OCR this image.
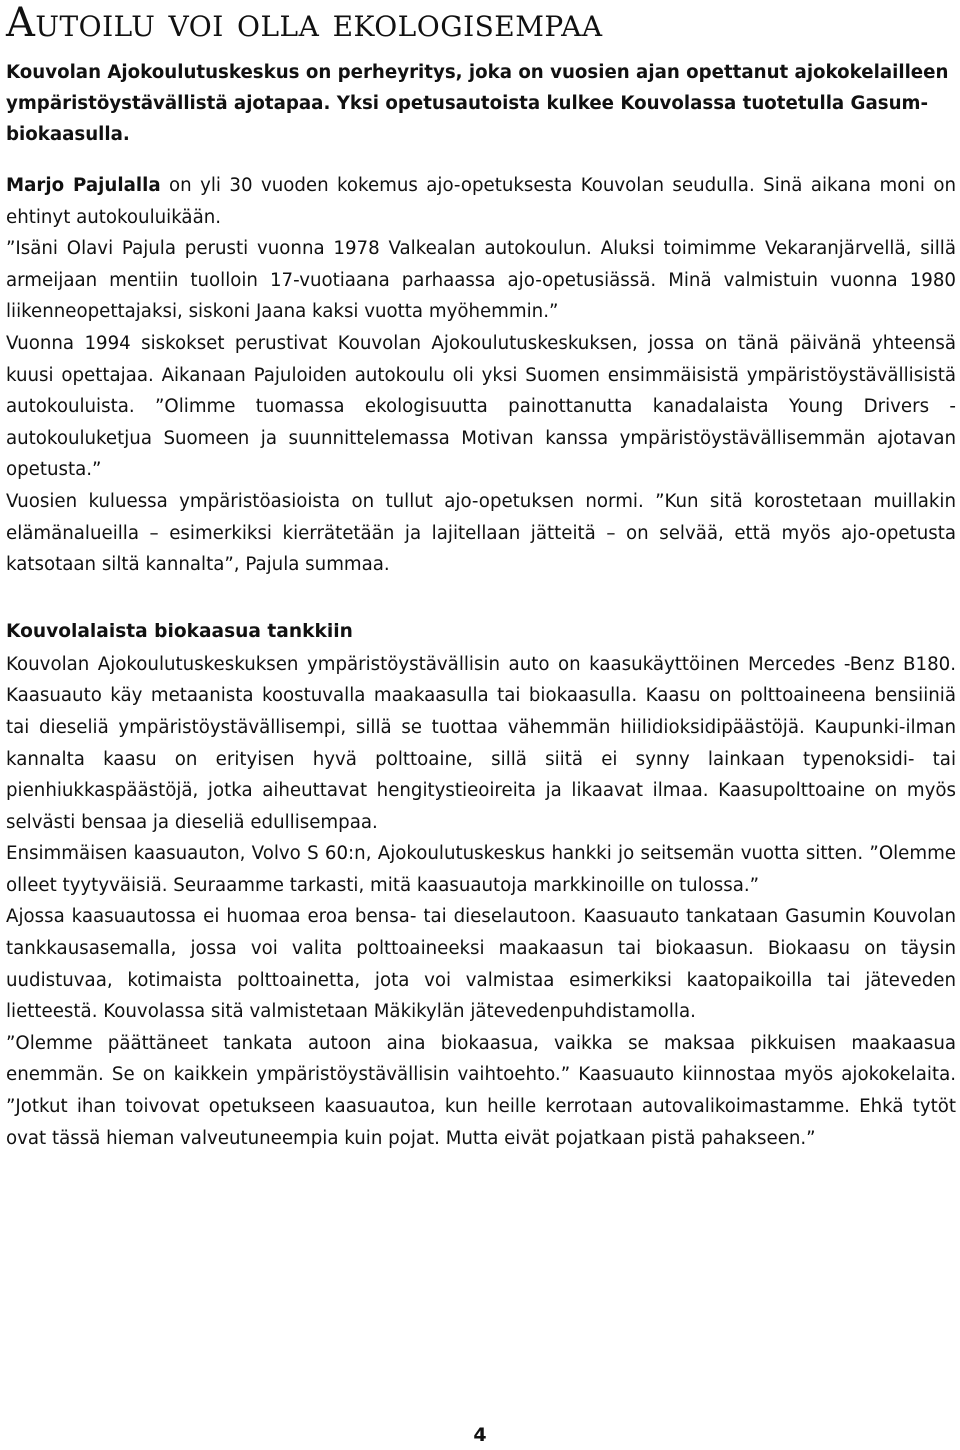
Autoilu voi olla ekologisempaa

Kouvolan Ajokoulutuskeskus on perheyritys, joka on vuosien ajan opettanut ajokokelailleen ympäristöystävällistä ajotapaa. Yksi opetusautoista kulkee Kouvolassa tuotetulla Gasum-biokaasulla.

Marjo Pajulalla on yli 30 vuoden kokemus ajo-opetuksesta Kouvolan seudulla. Sinä aikana moni on ehtinyt autokouluikään.

”Isäni Olavi Pajula perusti vuonna 1978 Valkealan autokoulun. Aluksi toimimme Vekaranjärvellä, sillä armeijaan mentiin tuolloin 17-vuotiaana parhaassa ajo-opetusiässä. Minä valmistuin vuonna 1980 liikenneopettajaksi, siskoni Jaana kaksi vuotta myöhemmin.”

Vuonna 1994 siskokset perustivat Kouvolan Ajokoulutuskeskuksen, jossa on tänä päivänä yhteensä kuusi opettajaa. Aikanaan Pajuloiden autokoulu oli yksi Suomen ensimmäisistä ympäristöystävällisistä autokouluista. ”Olimme tuomassa ekologisuutta painottanutta kanadalaista Young Drivers -autokouluketjua Suomeen ja suunnittelemassa Motivan kanssa ympäristöystävällisemmän ajotavan opetusta.”

Vuosien kuluessa ympäristöasioista on tullut ajo-opetuksen normi. ”Kun sitä korostetaan muillakin elämänalueilla – esimerkiksi kierrätetään ja lajitellaan jätteitä – on selvää, että myös ajo-opetusta katsotaan siltä kannalta”, Pajula summaa.

Kouvolalaista biokaasua tankkiin

Kouvolan Ajokoulutuskeskuksen ympäristöystävällisin auto on kaasukäyttöinen Mercedes -Benz B180. Kaasuauto käy metaanista koostuvalla maakaasulla tai biokaasulla. Kaasu on polttoaineena bensiiniä tai dieseliä ympäristöystävällisempi, sillä se tuottaa vähemmän hiilidioksidipäästöjä. Kaupunki-ilman kannalta kaasu on erityisen hyvä polttoaine, sillä siitä ei synny lainkaan typenoksidi- tai pienhiukkaspäästöjä, jotka aiheuttavat hengitystieoireita ja likaavat ilmaa. Kaasupolttoaine on myös selvästi bensaa ja dieseliä edullisempaa.

Ensimmäisen kaasuauton, Volvo S 60:n, Ajokoulutuskeskus hankki jo seitsemän vuotta sitten. ”Olemme olleet tyytyväisiä. Seuraamme tarkasti, mitä kaasuautoja markkinoille on tulossa.”

Ajossa kaasuautossa ei huomaa eroa bensa- tai dieselautoon. Kaasuauto tankataan Gasumin Kouvolan tankkausasemalla, jossa voi valita polttoaineeksi maakaasun tai biokaasun. Biokaasu on täysin uudistuvaa, kotimaista polttoainetta, jota voi valmistaa esimerkiksi kaatopaikoilla tai jäteveden lietteestä. Kouvolassa sitä valmistetaan Mäkikylän jätevedenpuhdistamolla.

”Olemme päättäneet tankata autoon aina biokaasua, vaikka se maksaa pikkuisen maakaasua enemmän. Se on kaikkein ympäristöystävällisin vaihtoehto.” Kaasuauto kiinnostaa myös ajokokelaita. ”Jotkut ihan toivovat opetukseen kaasuautoa, kun heille kerrotaan autovalikoimastamme. Ehkä tytöt ovat tässä hieman valveutuneempia kuin pojat. Mutta eivät pojatkaan pistä pahakseen.”

4
